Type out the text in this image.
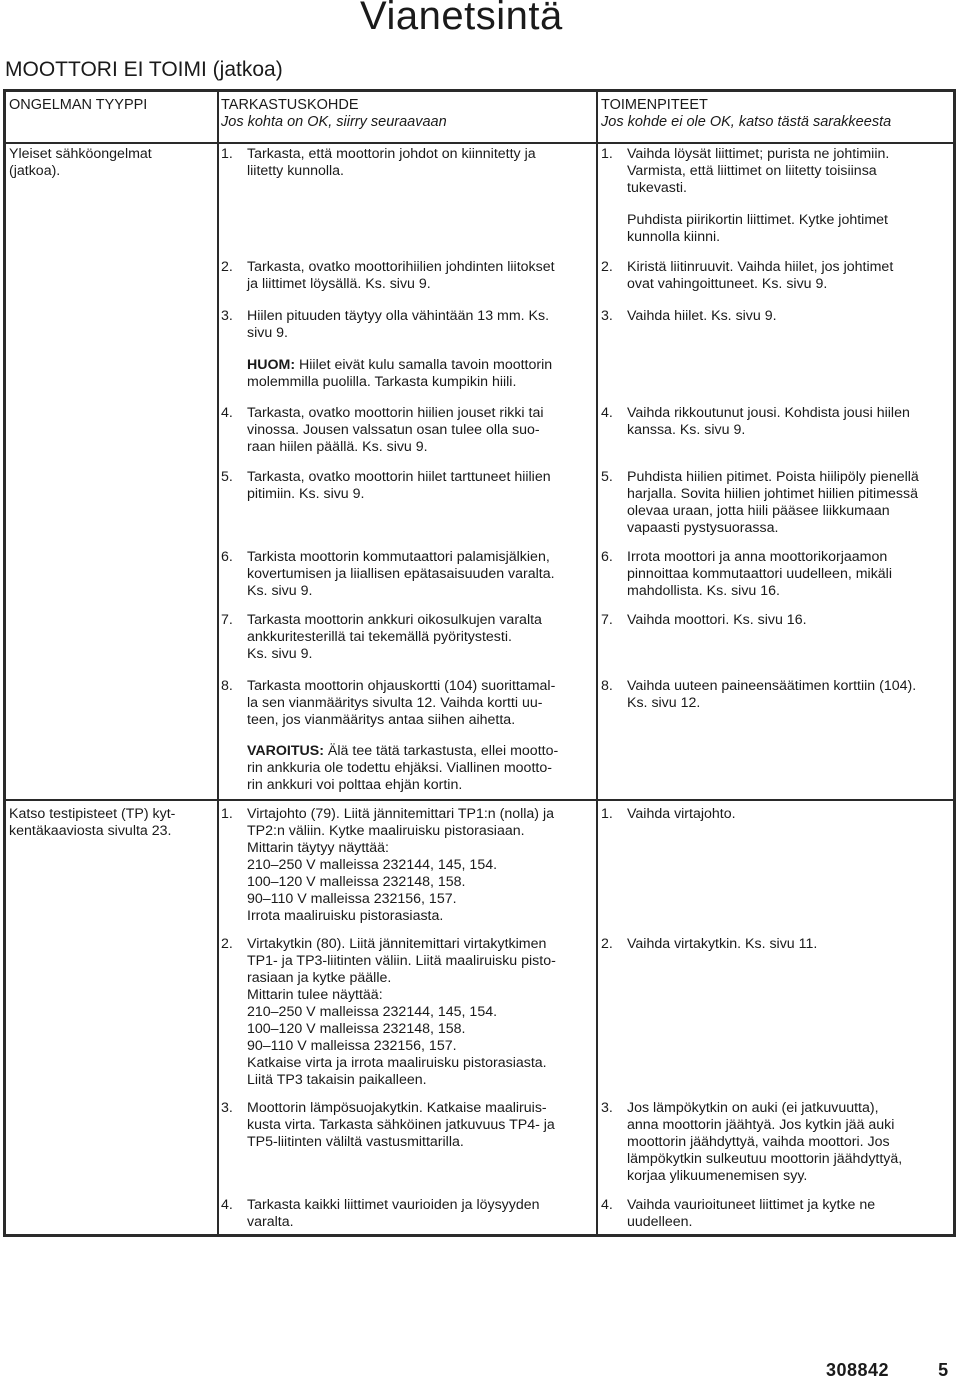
Vianetsintä
MOOTTORI EI TOIMI (jatkoa)
ONGELMAN TYYPPI	TARKASTUSKOHDE
Jos kohta on OK, siirry seuraavaan
TOIMENPITEET
Jos kohde ei ole OK, katso tästä sarakkeesta
Yleiset sähköongelmat
(jatkoa).
1. Tarkasta, että moottorin johdot on kiinnitetty ja
liitetty kunnolla.
2. Tarkasta, ovatko moottorihiilien johdinten liitokset
ja liittimet löysällä. Ks. sivu 9.
3. Hiilen pituuden täytyy olla vähintään 13 mm. Ks.
sivu 9.
HUOM: Hiilet eivät kulu samalla tavoin moottorin
molemmilla puolilla. Tarkasta kumpikin hiili.
4. Tarkasta, ovatko moottorin hiilien jouset rikki tai
vinossa. Jousen valssatun osan tulee olla suo-
raan hiilen päällä. Ks. sivu 9.
5. Tarkasta, ovatko moottorin hiilet tarttuneet hiilien
pitimiin. Ks. sivu 9.
6. Tarkista moottorin kommutaattori palamisjälkien,
kovertumisen ja liiallisen epätasaisuuden varalta.
Ks. sivu 9.
7. Tarkasta moottorin ankkuri oikosulkujen varalta
ankkuritesterillä tai tekemällä pyöritystesti.
Ks. sivu 9.
8. Tarkasta moottorin ohjauskortti (104) suorittamal-
la sen vianmääritys sivulta 12. Vaihda kortti uu-
teen, jos vianmääritys antaa siihen aihetta.
VAROITUS: Älä tee tätä tarkastusta, ellei mootto-
rin ankkuria ole todettu ehjäksi. Viallinen moottо-
rin ankkuri voi polttaa ehjän kortin.
1. Vaihda löysät liittimet; purista ne johtimiin.
Varmista, että liittimet on liitetty toisiinsa
tukevasti.
Puhdista piirikortin liittimet. Kytke johtimet
kunnolla kiinni.
2. Kiristä liitinruuvit. Vaihda hiilet, jos johtimet
ovat vahingoittuneet. Ks. sivu 9.
3. Vaihda hiilet. Ks. sivu 9.
4. Vaihda rikkoutunut jousi. Kohdista jousi hiilen
kanssa. Ks. sivu 9.
5. Puhdista hiilien pitimet. Poista hiilipöly pienellä
harjalla. Sovita hiilien johtimet hiilien pitimessä
olevaa uraan, jotta hiili pääsee liikkumaan
vapaasti pystysuorassa.
6. Irrota moottori ja anna moottorikorjaamon
pinnoittaa kommutaattori uudelleen, mikäli
mahdollista. Ks. sivu 16.
7. Vaihda moottori. Ks. sivu 16.
8. Vaihda uuteen paineensäätimen korttiin (104).
Ks. sivu 12.
Katso testipisteet (TP) kyt-
kentäkaaviosta sivulta 23.
1. Virtajohto (79). Liitä jännitemittari TP1:n (nolla) ja
TP2:n väliin. Kytke maaliruisku pistorasiaan.
Mittarin täytyy näyttää:
210–250 V malleissa 232144, 145, 154.
100–120 V malleissa 232148, 158.
90–110 V malleissa 232156, 157.
Irrota maaliruisku pistorasiasta.
2. Virtakytkin (80). Liitä jännitemittari virtakytkimen
TP1- ja TP3-liitinten väliin. Liitä maaliruisku pisto-
rasiaan ja kytke päälle.
Mittarin tulee näyttää:
210–250 V malleissa 232144, 145, 154.
100–120 V malleissa 232148, 158.
90–110 V malleissa 232156, 157.
Katkaise virta ja irrota maaliruisku pistorasiasta.
Liitä TP3 takaisin paikalleen.
3. Moottorin lämpösuojakytkin. Katkaise maaliruis-
kusta virta. Tarkasta sähköinen jatkuvuus TP4- ja
TP5-liitinten väliltä vastusmittarilla.
4. Tarkasta kaikki liittimet vaurioiden ja löysyyden
varalta.
1. Vaihda virtajohto.
2. Vaihda virtakytkin. Ks. sivu 11.
3. Jos lämpökytkin on auki (ei jatkuvuutta),
anna moottorin jäähtyä. Jos kytkin jää auki
moottorin jäähdyttyä, vaihda moottori. Jos
lämpökytkin sulkeutuu moottorin jäähdyttyä,
korjaa ylikuumenemisen syy.
4. Vaihda vaurioituneet liittimet ja kytke ne
uudelleen.
308842	5
